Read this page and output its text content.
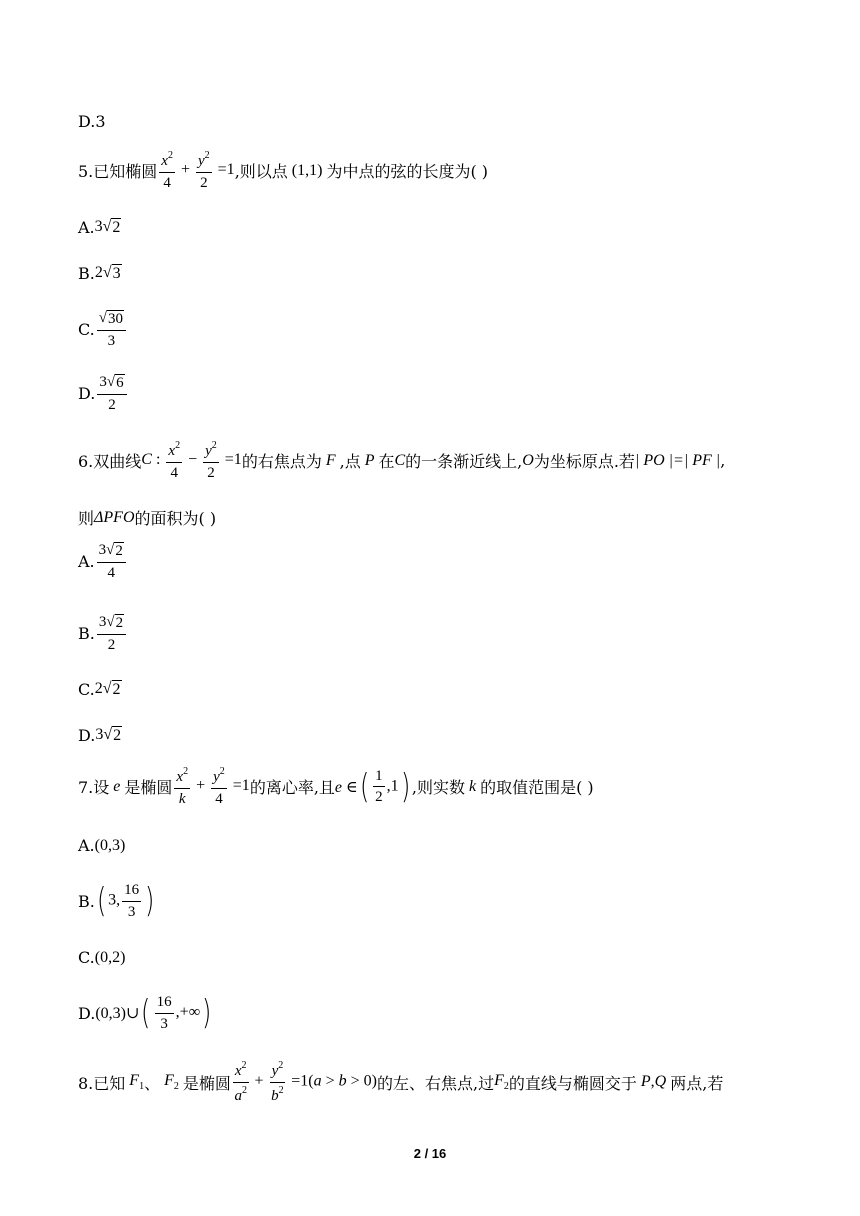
D.3
5.已知椭圆 $\frac{x^2}{4} + \frac{y^2}{2} =1$ ,则以点 (1,1) 为中点的弦的长度为( )
A. 3√ 2
B. 2√ 3
C. $\frac{√ 30}{3}$
D. $\frac{3√ 6}{2}$
6.双曲线 C : $\frac{x^2}{4} - \frac{y^2}{2} =1$ 的右焦点为 F ,点 P 在 C 的一条渐近线上, O 为坐标原点.若 | PO |=| PF | ,
则 ΔPFO 的面积为( )
A. $\frac{3√ 2}{4}$
B. $\frac{3√ 2}{2}$
C. 2√ 2
D. 3√ 2
7.设 e 是椭圆 $\frac{x^2}{k} + \frac{y^2}{4} =1$ 的离心率,且 e ∈ ( $\frac{1}{2} ,1$ ) ,则实数 k 的取值范围是( )
A. (0,3)
B. ( 3, $\frac{16}{3}$ )
C. (0,2)
D. (0,3)∪ ( $\frac{16}{3}$ ,+∞ )
8.已知 $F_1$ 、 $F_2$ 是椭圆 $\frac{x^2}{a^2} + \frac{y^2}{b^2} =1(a > b > 0)$ 的左、右焦点,过 $F_2$ 的直线与椭圆交于 P,Q 两点,若
2 / 16
